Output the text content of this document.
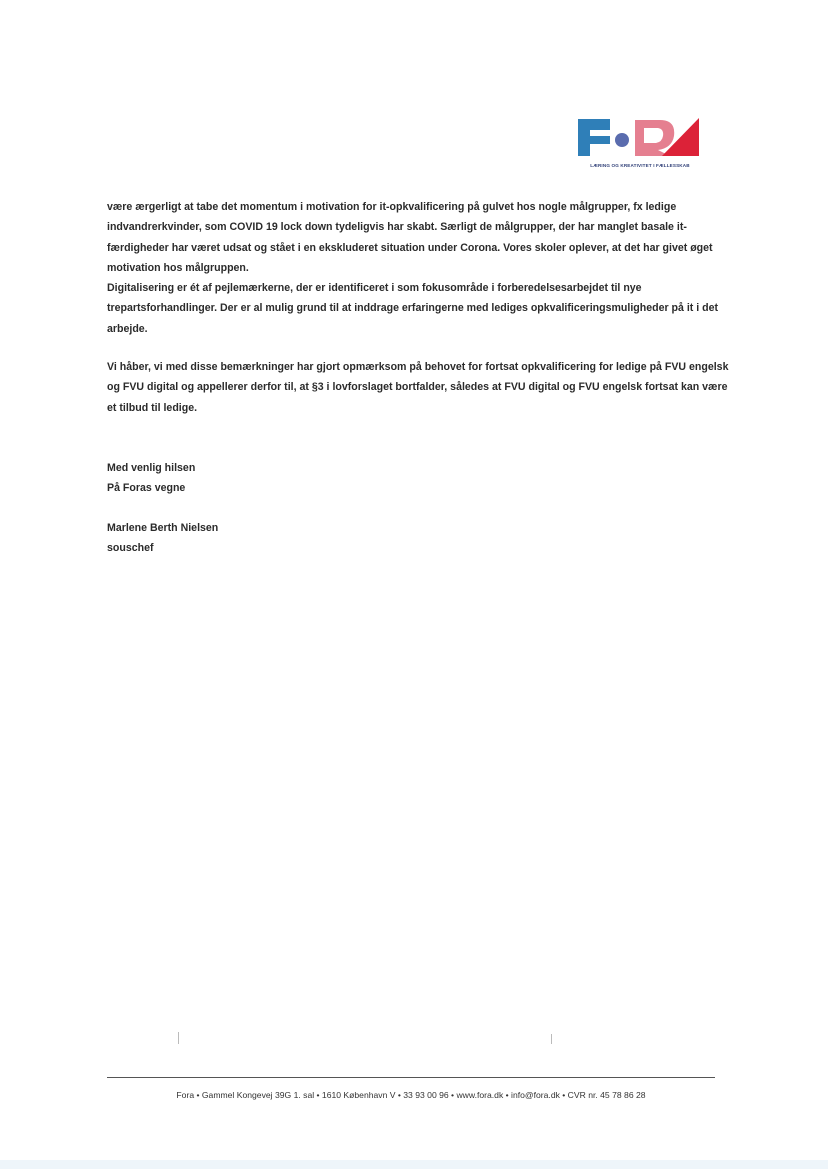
LÆRING OG KREATIVITET I FÆLLESSKAB
være ærgerligt at tabe det momentum i motivation for it-opkvalificering på gulvet hos nogle målgrupper, fx ledige
indvandrerkvinder, som COVID 19 lock down tydeligvis har skabt. Særligt de målgrupper, der har manglet basale it-
færdigheder har været udsat og stået i en ekskluderet situation under Corona. Vores skoler oplever, at det har givet øget
motivation hos målgruppen.
Digitalisering er ét af pejlemærkerne, der er identificeret i som fokusområde i forberedelsesarbejdet til nye
trepartsforhandlinger. Der er al mulig grund til at inddrage erfaringerne med lediges opkvalificeringsmuligheder på it i det
arbejde.
Vi håber, vi med disse bemærkninger har gjort opmærksom på behovet for fortsat opkvalificering for ledige på FVU engelsk
og FVU digital og appellerer derfor til, at §3 i lovforslaget bortfalder, således at FVU digital og FVU engelsk fortsat kan være
et tilbud til ledige.
Med venlig hilsen
På Foras vegne
Marlene Berth Nielsen
souschef
Fora • Gammel Kongevej 39G 1. sal • 1610 København V • 33 93 00 96 • www.fora.dk • info@fora.dk • CVR nr. 45 78 86 28
